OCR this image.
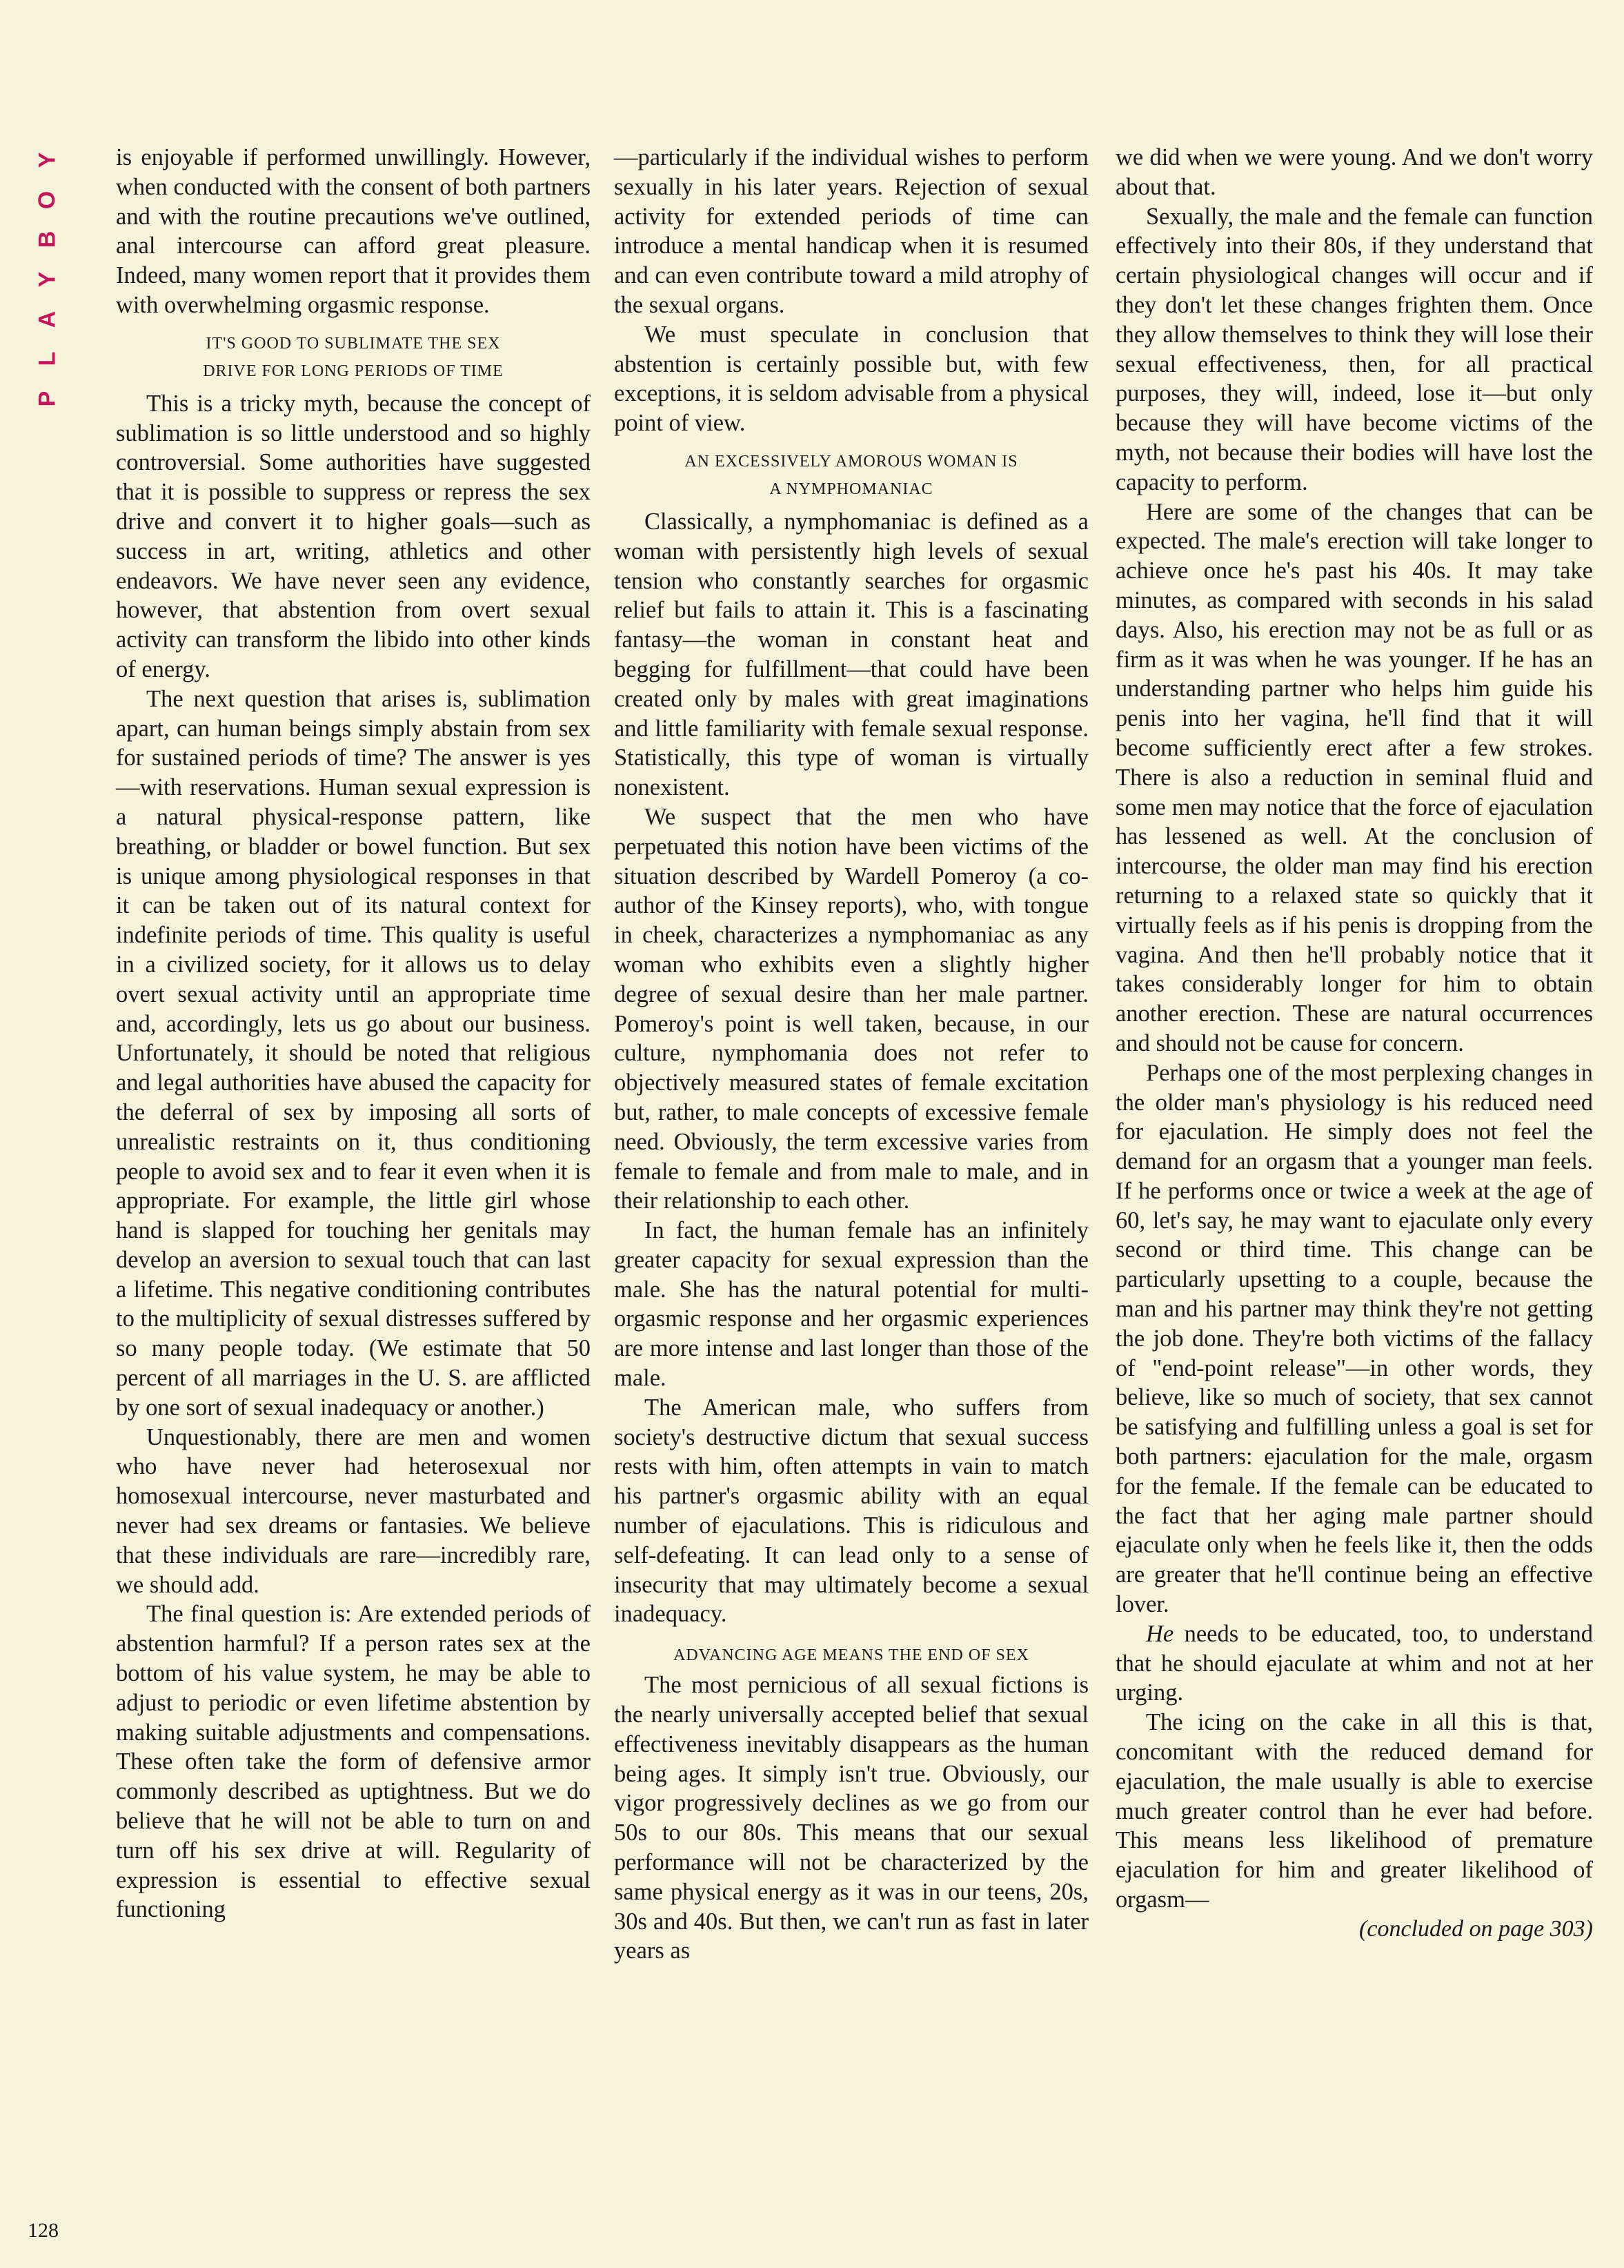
Y
O
B
Y
A
L
P

is enjoyable if performed unwillingly. However, when conducted with the consent of both partners and with the routine precautions we've outlined, anal intercourse can afford great pleasure. Indeed, many women report that it provides them with overwhelming orgasmic response.

IT'S GOOD TO SUBLIMATE THE SEX
DRIVE FOR LONG PERIODS OF TIME

This is a tricky myth, because the concept of sublimation is so little understood and so highly controversial. Some authorities have suggested that it is possible to suppress or repress the sex drive and convert it to higher goals—such as success in art, writing, athletics and other endeavors. We have never seen any evidence, however, that abstention from overt sexual activity can transform the libido into other kinds of energy.

The next question that arises is, sublimation apart, can human beings simply abstain from sex for sustained periods of time? The answer is yes—with reservations. Human sexual expression is a natural physical-response pattern, like breathing, or bladder or bowel function. But sex is unique among physiological responses in that it can be taken out of its natural context for indefinite periods of time. This quality is useful in a civilized society, for it allows us to delay overt sexual activity until an appropriate time and, accordingly, lets us go about our business. Unfortunately, it should be noted that religious and legal authorities have abused the capacity for the deferral of sex by imposing all sorts of unrealistic restraints on it, thus conditioning people to avoid sex and to fear it even when it is appropriate. For example, the little girl whose hand is slapped for touching her genitals may develop an aversion to sexual touch that can last a lifetime. This negative conditioning contributes to the multiplicity of sexual distresses suffered by so many people today. (We estimate that 50 percent of all marriages in the U. S. are afflicted by one sort of sexual inadequacy or another.)

Unquestionably, there are men and women who have never had heterosexual nor homosexual intercourse, never masturbated and never had sex dreams or fantasies. We believe that these individuals are rare—incredibly rare, we should add.

The final question is: Are extended periods of abstention harmful? If a person rates sex at the bottom of his value system, he may be able to adjust to periodic or even lifetime abstention by making suitable adjustments and compensations. These often take the form of defensive armor commonly described as uptightness. But we do believe that he will not be able to turn on and turn off his sex drive at will. Regularity of expression is essential to effective sexual functioning

—particularly if the individual wishes to perform sexually in his later years. Rejection of sexual activity for extended periods of time can introduce a mental handicap when it is resumed and can even contribute toward a mild atrophy of the sexual organs.

We must speculate in conclusion that abstention is certainly possible but, with few exceptions, it is seldom advisable from a physical point of view.

AN EXCESSIVELY AMOROUS WOMAN IS
A NYMPHOMANIAC

Classically, a nymphomaniac is defined as a woman with persistently high levels of sexual tension who constantly searches for orgasmic relief but fails to attain it. This is a fascinating fantasy—the woman in constant heat and begging for fulfillment—that could have been created only by males with great imaginations and little familiarity with female sexual response. Statistically, this type of woman is virtually nonexistent.

We suspect that the men who have perpetuated this notion have been victims of the situation described by Wardell Pomeroy (a co-author of the Kinsey reports), who, with tongue in cheek, characterizes a nymphomaniac as any woman who exhibits even a slightly higher degree of sexual desire than her male partner. Pomeroy's point is well taken, because, in our culture, nymphomania does not refer to objectively measured states of female excitation but, rather, to male concepts of excessive female need. Obviously, the term excessive varies from female to female and from male to male, and in their relationship to each other.

In fact, the human female has an infinitely greater capacity for sexual expression than the male. She has the natural potential for multi-orgasmic response and her orgasmic experiences are more intense and last longer than those of the male.

The American male, who suffers from society's destructive dictum that sexual success rests with him, often attempts in vain to match his partner's orgasmic ability with an equal number of ejaculations. This is ridiculous and self-defeating. It can lead only to a sense of insecurity that may ultimately become a sexual inadequacy.

ADVANCING AGE MEANS THE END OF SEX

The most pernicious of all sexual fictions is the nearly universally accepted belief that sexual effectiveness inevitably disappears as the human being ages. It simply isn't true. Obviously, our vigor progressively declines as we go from our 50s to our 80s. This means that our sexual performance will not be characterized by the same physical energy as it was in our teens, 20s, 30s and 40s. But then, we can't run as fast in later years as

we did when we were young. And we don't worry about that.

Sexually, the male and the female can function effectively into their 80s, if they understand that certain physiological changes will occur and if they don't let these changes frighten them. Once they allow themselves to think they will lose their sexual effectiveness, then, for all practical purposes, they will, indeed, lose it—but only because they will have become victims of the myth, not because their bodies will have lost the capacity to perform.

Here are some of the changes that can be expected. The male's erection will take longer to achieve once he's past his 40s. It may take minutes, as compared with seconds in his salad days. Also, his erection may not be as full or as firm as it was when he was younger. If he has an understanding partner who helps him guide his penis into her vagina, he'll find that it will become sufficiently erect after a few strokes. There is also a reduction in seminal fluid and some men may notice that the force of ejaculation has lessened as well. At the conclusion of intercourse, the older man may find his erection returning to a relaxed state so quickly that it virtually feels as if his penis is dropping from the vagina. And then he'll probably notice that it takes considerably longer for him to obtain another erection. These are natural occurrences and should not be cause for concern.

Perhaps one of the most perplexing changes in the older man's physiology is his reduced need for ejaculation. He simply does not feel the demand for an orgasm that a younger man feels. If he performs once or twice a week at the age of 60, let's say, he may want to ejaculate only every second or third time. This change can be particularly upsetting to a couple, because the man and his partner may think they're not getting the job done. They're both victims of the fallacy of "end-point release"—in other words, they believe, like so much of society, that sex cannot be satisfying and fulfilling unless a goal is set for both partners: ejaculation for the male, orgasm for the female. If the female can be educated to the fact that her aging male partner should ejaculate only when he feels like it, then the odds are greater that he'll continue being an effective lover.

He needs to be educated, too, to understand that he should ejaculate at whim and not at her urging.

The icing on the cake in all this is that, concomitant with the reduced demand for ejaculation, the male usually is able to exercise much greater control than he ever had before. This means less likelihood of premature ejaculation for him and greater likelihood of orgasm—

(concluded on page 303)
128
